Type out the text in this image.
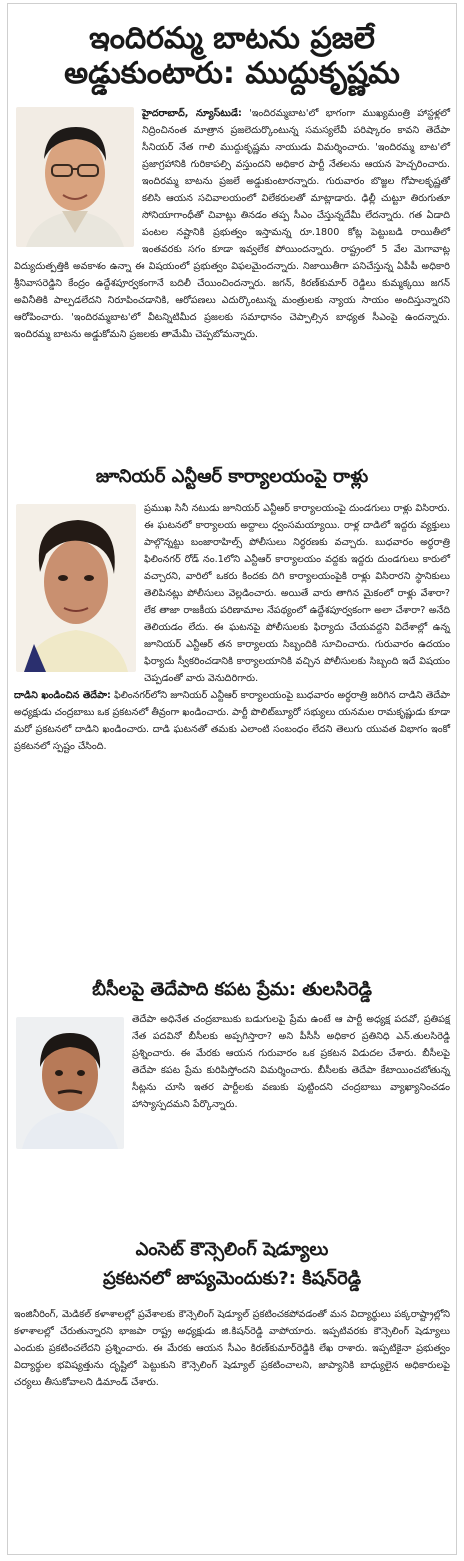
ఇందిరమ్మ బాటను ప్రజలే
అడ్డుకుంటారు: ముద్దుకృష్ణమ

హైదరాబాద్, న్యూస్‌టుడే: 'ఇందిరమ్మబాట'లో భాగంగా ముఖ్యమంత్రి హాస్టళ్లలో నిద్రించినంత మాత్రాన ప్రజలెదుర్కొంటున్న సమస్యలేవీ పరిష్కారం కావని తెదేపా సీనియర్ నేత గాలి ముద్దుకృష్ణమ నాయుడు విమర్శించారు. 'ఇందిరమ్మ బాట'లో ప్రజాగ్రహానికి గురికాపల్సి వస్తుందని అధికార పార్టీ నేతలను ఆయన హెచ్చరించారు. ఇందిరమ్మ బాటను ప్రజలే అడ్డుకుంటారన్నారు. గురువారం బొజ్జల గోపాలకృష్ణతో కలిసి ఆయన సచివాలయంలో విలేకరులతో మాట్లాడారు. ఢిల్లీ చుట్టూ తిరుగుతూ సోనియాగాంధీతో చివాట్లు తినడం తప్ప సీఎం చేస్తున్నదేమీ లేదన్నారు. గత ఏడాది పంటల నష్టానికి ప్రభుత్వం ఇస్తామన్న రూ.1800 కోట్ల పెట్టుబడి రాయితీలో ఇంతవరకు సగం కూడా ఇవ్వలేక పోయిందన్నారు. రాష్ట్రంలో 5 వేల మెగావాట్ల విద్యుదుత్పత్తికి అవకాశం ఉన్నా ఈ విషయంలో ప్రభుత్వం విఫలమైందన్నారు. నిజాయితీగా పనిచేస్తున్న ఏపీపీ అధికారి శ్రీనివాసరెడ్డిని కేంద్రం ఉద్దేశపూర్వకంగానే బదిలీ చేయించిందన్నారు. జగన్, కిరణ్‌కుమార్ రెడ్డిలు కుమ్మక్కయి జగన్ అవినీతికి పాల్పడలేదని నిరూపించడానికి, ఆరోపణలు ఎదుర్కొంటున్న మంత్రులకు న్యాయ సాయం అందిస్తున్నారని ఆరోపించారు. 'ఇందిరమ్మబాట'లో వీటన్నిటిమీద ప్రజలకు సమాధానం చెప్పాల్సిన బాధ్యత సీఎంపై ఉందన్నారు. ఇందిరమ్మ బాటను అడ్డుకోమని ప్రజలకు తామేమీ చెప్పబోమన్నారు.

జూనియర్ ఎన్టీఆర్ కార్యాలయంపై రాళ్లు

ప్రముఖ సినీ నటుడు జూనియర్ ఎన్టీఆర్ కార్యాలయంపై దుండగులు రాళ్లు విసిరారు. ఈ ఘటనలో కార్యాలయ అద్దాలు ధ్వంసమయ్యాయి. రాళ్ల దాడిలో ఇద్దరు వ్యక్తులు పాల్గొన్నట్టు బంజారాహిల్స్ పోలీసులు నిర్ధరణకు వచ్చారు. బుధవారం అర్ధరాత్రి ఫిలింనగర్ రోడ్ నం.1లోని ఎన్టీఆర్ కార్యాలయం వద్దకు ఇద్దరు దుండగులు కారులో వచ్చారని, వారిలో ఒకరు కిందకు దిగి కార్యాలయంపైకి రాళ్లు విసిరారని స్థానికులు తెలిపినట్లు పోలీసులు వెల్లడించారు. అయితే వారు తాగిన మైకంలో రాళ్లు వేశారా? లేక తాజా రాజకీయ పరిణామాల నేపథ్యంలో ఉద్దేశపూర్వకంగా అలా చేశారా? అనేది తెలియడం లేదు. ఈ ఘటనపై పోలీసులకు ఫిర్యాదు చేయవద్దని విదేశాల్లో ఉన్న జూనియర్ ఎన్టీఆర్ తన కార్యాలయ సిబ్బందికి సూచించారు. గురువారం ఉదయం ఫిర్యాదు స్వీకరించడానికి కార్యాలయానికి వచ్చిన పోలీసులకు సిబ్బంది ఇదే విషయం చెప్పడంతో వారు వెనుదిరిగారు.

దాడిని ఖండించిన తెదేపా: ఫిలింనగర్‌లోని జూనియర్ ఎన్టీఆర్ కార్యాలయంపై బుధవారం అర్ధరాత్రి జరిగిన దాడిని తెదేపా అధ్యక్షుడు చంద్రబాబు ఒక ప్రకటనలో తీవ్రంగా ఖండించారు. పార్టీ పొలిట్‌బ్యూరో సభ్యులు యనమల రామకృష్ణుడు కూడా మరో ప్రకటనలో దాడిని ఖండించారు. దాడి ఘటనతో తమకు ఎలాంటి సంబంధం లేదని తెలుగు యువత విభాగం ఇంకో ప్రకటనలో స్పష్టం చేసింది.

బీసీలపై తెదేపాది కపట ప్రేమ: తులసిరెడ్డి

తెదేపా అధినేత చంద్రబాబుకు బడుగులపై ప్రేమ ఉంటే ఆ పార్టీ అధ్యక్ష పదవో, ప్రతిపక్ష నేత పదవినో బీసీలకు అప్పగిస్తారా? అని పీసీసీ అధికార ప్రతినిధి ఎన్.తులసిరెడ్డి ప్రశ్నించారు. ఈ మేరకు ఆయన గురువారం ఒక ప్రకటన విడుదల చేశారు. బీసీలపై తెదేపా కపట ప్రేమ కురిపిస్తోందని విమర్శించారు. బీసీలకు తెదేపా కేటాయించబోతున్న సీట్లను చూసి ఇతర పార్టీలకు వణుకు పుట్టిందని చంద్రబాబు వ్యాఖ్యానించడం హాస్యాస్పదమని పేర్కొన్నారు.

ఎంసెట్ కౌన్సెలింగ్ షెడ్యూలు
ప్రకటనలో జాప్యమెందుకు?: కిషన్‌రెడ్డి

ఇంజినీరింగ్, మెడికల్ కళాశాలల్లో ప్రవేశాలకు కౌన్సెలింగ్ షెడ్యూల్ ప్రకటించకపోవడంతో మన విద్యార్థులు పక్కరాష్ట్రాల్లోని కళాశాలల్లో చేరుతున్నారని భాజపా రాష్ట్ర అధ్యక్షుడు జి.కిషన్‌రెడ్డి వాపోయారు. ఇప్పటివరకు కౌన్సెలింగ్ షెడ్యూలు ఎందుకు ప్రకటించలేదని ప్రశ్నించారు. ఈ మేరకు ఆయన సీఎం కిరణ్‌కుమార్‌రెడ్డికి లేఖ రాశారు. ఇప్పటికైనా ప్రభుత్వం విద్యార్థుల భవిష్యత్తును దృష్టిలో పెట్టుకుని కౌన్సెలింగ్ షెడ్యూల్ ప్రకటించాలని, జాప్యానికి బాధ్యులైన అధికారులపై చర్యలు తీసుకోవాలని డిమాండ్ చేశారు.
